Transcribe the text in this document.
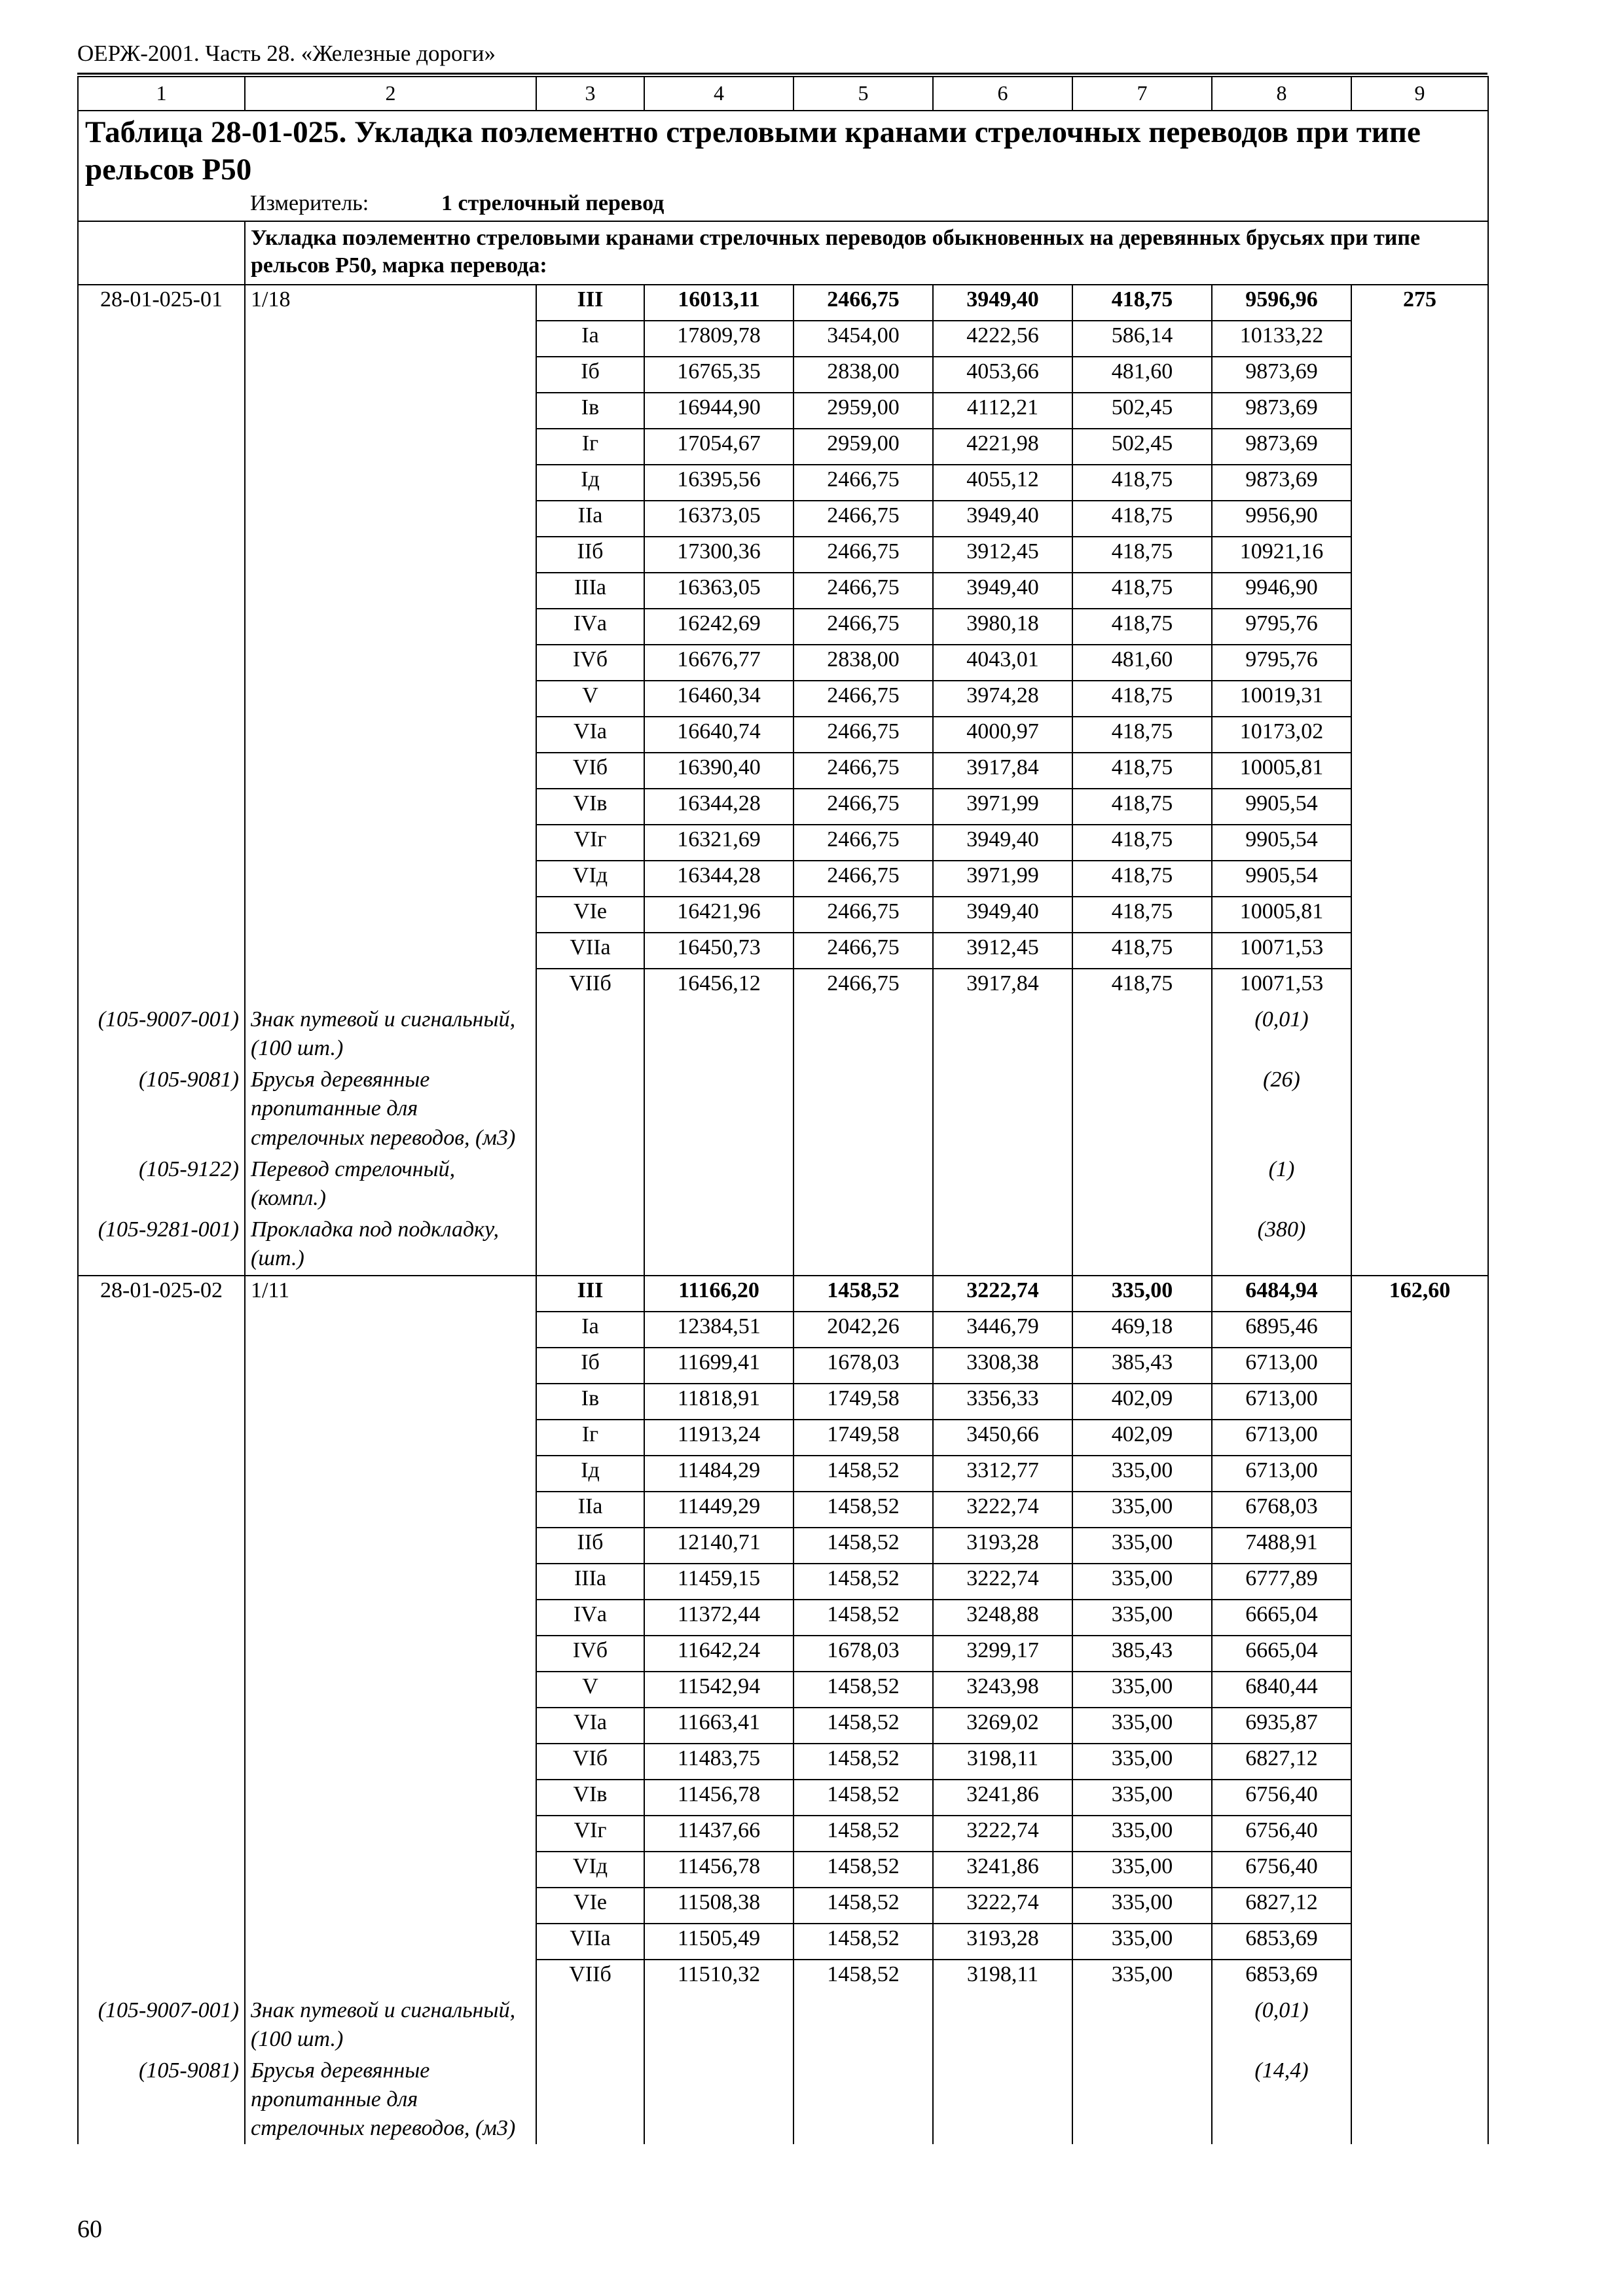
ОЕРЖ-2001. Часть 28. «Железные дороги»
1	2	3	4	5	6	7	8	9
Таблица 28-01-025. Укладка поэлементно стреловыми кранами стрелочных переводов при типе рельсов Р50								
	Измеритель: 1 стрелочный перевод							
	Укладка поэлементно стреловыми кранами стрелочных переводов обыкновенных на деревянных брусьях при типе рельсов Р50, марка перевода:							
28-01-025-01	1/18	III	16013,11	2466,75	3949,40	418,75	9596,96	275
		Iа	17809,78	3454,00	4222,56	586,14	10133,22	
		Iб	16765,35	2838,00	4053,66	481,60	9873,69	
		Iв	16944,90	2959,00	4112,21	502,45	9873,69	
		Iг	17054,67	2959,00	4221,98	502,45	9873,69	
		Iд	16395,56	2466,75	4055,12	418,75	9873,69	
		IIа	16373,05	2466,75	3949,40	418,75	9956,90	
		IIб	17300,36	2466,75	3912,45	418,75	10921,16	
		IIIа	16363,05	2466,75	3949,40	418,75	9946,90	
		IVа	16242,69	2466,75	3980,18	418,75	9795,76	
		IVб	16676,77	2838,00	4043,01	481,60	9795,76	
		V	16460,34	2466,75	3974,28	418,75	10019,31	
		VIа	16640,74	2466,75	4000,97	418,75	10173,02	
		VIб	16390,40	2466,75	3917,84	418,75	10005,81	
		VIв	16344,28	2466,75	3971,99	418,75	9905,54	
		VIг	16321,69	2466,75	3949,40	418,75	9905,54	
		VIд	16344,28	2466,75	3971,99	418,75	9905,54	
		VIе	16421,96	2466,75	3949,40	418,75	10005,81	
		VIIа	16450,73	2466,75	3912,45	418,75	10071,53	
		VIIб	16456,12	2466,75	3917,84	418,75	10071,53	
(105-9007-001)	Знак путевой и сигнальный, (100 шт.)						(0,01)	
(105-9081)	Брусья деревянные пропитанные для стрелочных переводов, (м3)						(26)	
(105-9122)	Перевод стрелочный, (компл.)						(1)	
(105-9281-001)	Прокладка под подкладку, (шт.)						(380)	
28-01-025-02	1/11	III	11166,20	1458,52	3222,74	335,00	6484,94	162,60
		Iа	12384,51	2042,26	3446,79	469,18	6895,46	
		Iб	11699,41	1678,03	3308,38	385,43	6713,00	
		Iв	11818,91	1749,58	3356,33	402,09	6713,00	
		Iг	11913,24	1749,58	3450,66	402,09	6713,00	
		Iд	11484,29	1458,52	3312,77	335,00	6713,00	
		IIа	11449,29	1458,52	3222,74	335,00	6768,03	
		IIб	12140,71	1458,52	3193,28	335,00	7488,91	
		IIIа	11459,15	1458,52	3222,74	335,00	6777,89	
		IVа	11372,44	1458,52	3248,88	335,00	6665,04	
		IVб	11642,24	1678,03	3299,17	385,43	6665,04	
		V	11542,94	1458,52	3243,98	335,00	6840,44	
		VIа	11663,41	1458,52	3269,02	335,00	6935,87	
		VIб	11483,75	1458,52	3198,11	335,00	6827,12	
		VIв	11456,78	1458,52	3241,86	335,00	6756,40	
		VIг	11437,66	1458,52	3222,74	335,00	6756,40	
		VIд	11456,78	1458,52	3241,86	335,00	6756,40	
		VIе	11508,38	1458,52	3222,74	335,00	6827,12	
		VIIа	11505,49	1458,52	3193,28	335,00	6853,69	
		VIIб	11510,32	1458,52	3198,11	335,00	6853,69	
(105-9007-001)	Знак путевой и сигнальный, (100 шт.)						(0,01)	
(105-9081)	Брусья деревянные пропитанные для стрелочных переводов, (м3)						(14,4)	
60
